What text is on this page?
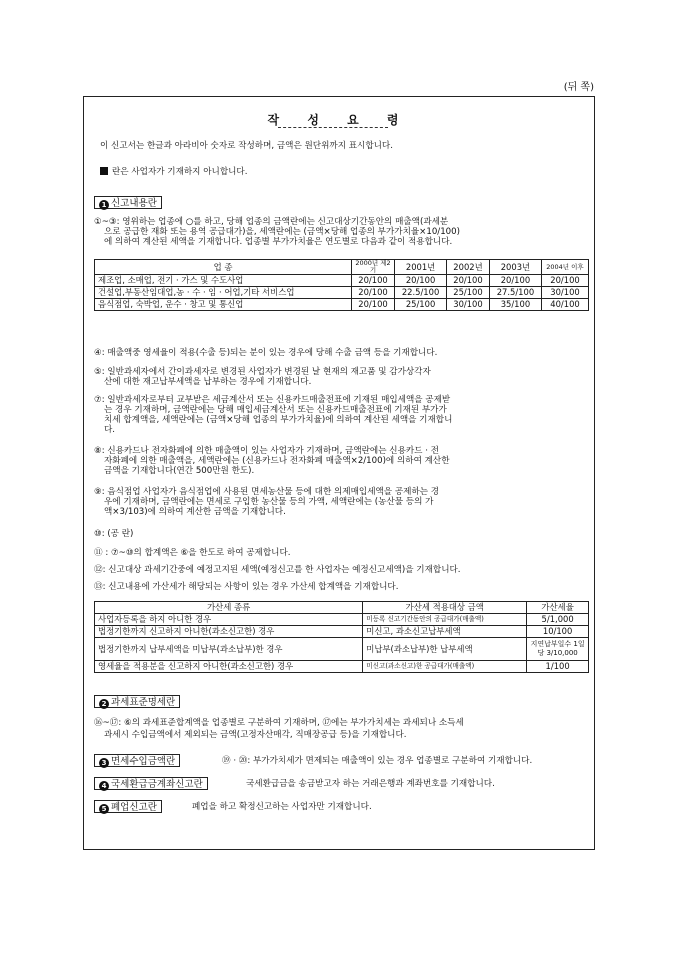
(뒤 쪽)
작 성 요 령
이 신고서는 한글과 아라비아 숫자로 작성하며, 금액은 원단위까지 표시합니다.
란은 사업자가 기재하지 아니합니다.
1 신고내용란
①~③: 영위하는 업종에 ○를 하고, 당해 업종의 금액란에는 신고대상기간동안의 매출액(과세분
으로 공급한 재화 또는 용역 공급대가)을, 세액란에는 (금액×당해 업종의 부가가치율×10/100)
에 의하여 계산된 세액을 기재합니다. 업종별 부가가치율은 연도별로 다음과 같이 적용합니다.
업 종	2000년 제2기	2001년	2002년	2003년	2004년 이후
제조업, 소매업, 전기 · 가스 및 수도사업	20/100	20/100	20/100	20/100	20/100
건설업,부동산임대업,농 · 수 · 임 · 어업,기타 서비스업	20/100	22.5/100	25/100	27.5/100	30/100
음식점업, 숙박업, 운수 · 창고 및 통신업	20/100	25/100	30/100	35/100	40/100
④: 매출액중 영세율이 적용(수출 등)되는 분이 있는 경우에 당해 수출 금액 등을 기재합니다.
⑤: 일반과세자에서 간이과세자로 변경된 사업자가 변경된 날 현재의 재고품 및 감가상각자
산에 대한 재고납부세액을 납부하는 경우에 기재합니다.
⑦: 일반과세자로부터 교부받은 세금계산서 또는 신용카드매출전표에 기재된 매입세액을 공제받
는 경우 기재하며, 금액란에는 당해 매입세금계산서 또는 신용카드매출전표에 기재된 부가가
치세 합계액을, 세액란에는 (금액×당해 업종의 부가가치율)에 의하여 계산된 세액을 기재합니
다.
⑧: 신용카드나 전자화폐에 의한 매출액이 있는 사업자가 기재하며, 금액란에는 신용카드 · 전
자화폐에 의한 매출액을, 세액란에는 (신용카드나 전자화폐 매출액×2/100)에 의하여 계산한
금액을 기재합니다(연간 500만원 한도).
⑨: 음식점업 사업자가 음식점업에 사용된 면세농산물 등에 대한 의제매입세액을 공제하는 경
우에 기재하며, 금액란에는 면세로 구입한 농산물 등의 가액, 세액란에는 (농산물 등의 가
액×3/103)에 의하여 계산한 금액을 기재합니다.
⑩: (공 란)
⑪ : ⑦~⑩의 합계액은 ⑥을 한도로 하여 공제합니다.
⑫: 신고대상 과세기간중에 예정고지된 세액(예정신고를 한 사업자는 예정신고세액)을 기재합니다.
⑬: 신고내용에 가산세가 해당되는 사항이 있는 경우 가산세 합계액을 기재합니다.
가산세 종류	가산세 적용대상 금액	가산세율
사업자등록을 하지 아니한 경우	미등록 신고기간동안의 공급대가(매출액)	5/1,000
법정기한까지 신고하지 아니한(과소신고한) 경우	미신고, 과소신고납부세액	10/100
법정기한까지 납부세액을 미납부(과소납부)한 경우	미납부(과소납부)한 납부세액	지연납부일수 1일당 3/10,000
영세율을 적용분을 신고하지 아니한(과소신고한) 경우	미신고(과소신고)한 공급대가(매출액)	1/100
2 과세표준명세란
⑯~⑰: ⑥의 과세표준합계액을 업종별로 구분하여 기재하며, ⑰에는 부가가치세는 과세되나 소득세
과세시 수입금액에서 제외되는 금액(고정자산매각, 직매장공급 등)을 기재합니다.
3 면세수입금액란	⑲ · ⑳: 부가가치세가 면제되는 매출액이 있는 경우 업종별로 구분하여 기재합니다.
4 국세환급금계좌신고란	국세환급금을 송금받고자 하는 거래은행과 계좌번호를 기재합니다.
5 폐업신고란	폐업을 하고 확정신고하는 사업자만 기재합니다.
